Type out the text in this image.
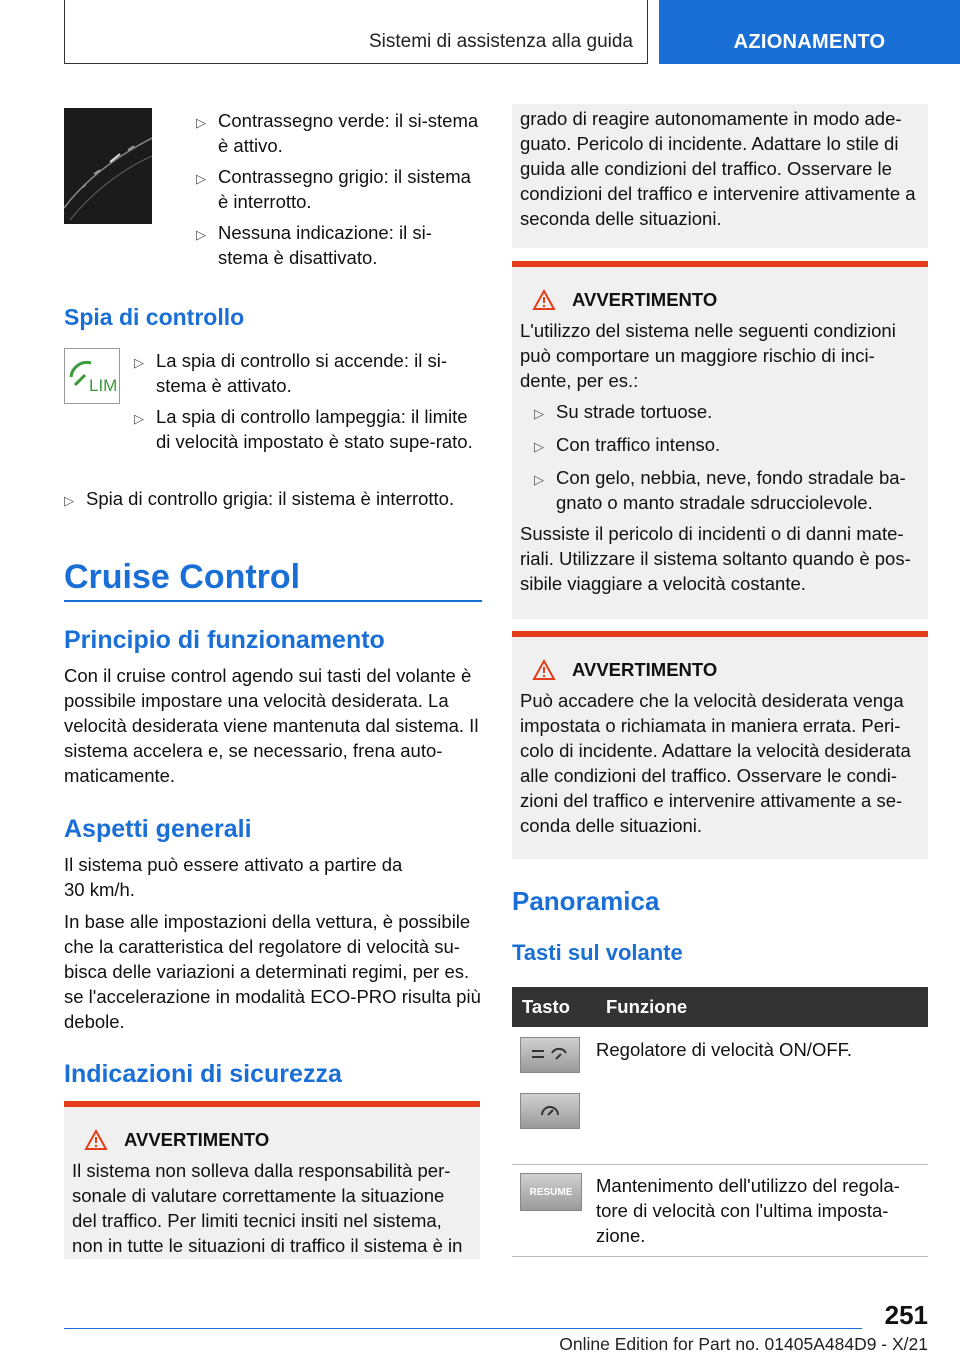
Sistemi di assistenza alla guida	AZIONAMENTO
▷ Contrassegno verde: il si-stema è attivo.
▷ Contrassegno grigio: il sistema è interrotto.
▷ Nessuna indicazione: il si-stema è disattivato.
Spia di controllo
LIM
▷ La spia di controllo si accende: il si-stema è attivato.
▷ La spia di controllo lampeggia: il limite di velocità impostato è stato supe-rato.
▷ Spia di controllo grigia: il sistema è interrotto.
Cruise Control
Principio di funzionamento

Con il cruise control agendo sui tasti del volante è possibile impostare una velocità desiderata. La velocità desiderata viene mantenuta dal sistema. Il sistema accelera e, se necessario, frena auto-maticamente.

Aspetti generali

Il sistema può essere attivato a partire da 30 km/h.

In base alle impostazioni della vettura, è possibile che la caratteristica del regolatore di velocità su-bisca delle variazioni a determinati regimi, per es. se l'accelerazione in modalità ECO-PRO risulta più debole.

Indicazioni di sicurezza
AVVERTIMENTO

Il sistema non solleva dalla responsabilità per-sonale di valutare correttamente la situazione del traffico. Per limiti tecnici insiti nel sistema, non in tutte le situazioni di traffico il sistema è in

grado di reagire autonomamente in modo ade-guato. Pericolo di incidente. Adattare lo stile di guida alle condizioni del traffico. Osservare le condizioni del traffico e intervenire attivamente a seconda delle situazioni.

AVVERTIMENTO

L'utilizzo del sistema nelle seguenti condizioni può comportare un maggiore rischio di inci-dente, per es.:

▷ Su strade tortuose.
▷ Con traffico intenso.
▷ Con gelo, nebbia, neve, fondo stradale ba-gnato o manto stradale sdrucciolevole.

Sussiste il pericolo di incidenti o di danni mate-riali. Utilizzare il sistema soltanto quando è pos-sibile viaggiare a velocità costante.

AVVERTIMENTO

Può accadere che la velocità desiderata venga impostata o richiamata in maniera errata. Peri-colo di incidente. Adattare la velocità desiderata alle condizioni del traffico. Osservare le condi-zioni del traffico e intervenire attivamente a se-conda delle situazioni.

Panoramica
Tasti sul volante
Tasto	Funzione
Regolatore di velocità ON/OFF.
RESUME Mantenimento dell'utilizzo del regola-tore di velocità con l'ultima imposta-zione.
251
Online Edition for Part no. 01405A484D9 - X/21
